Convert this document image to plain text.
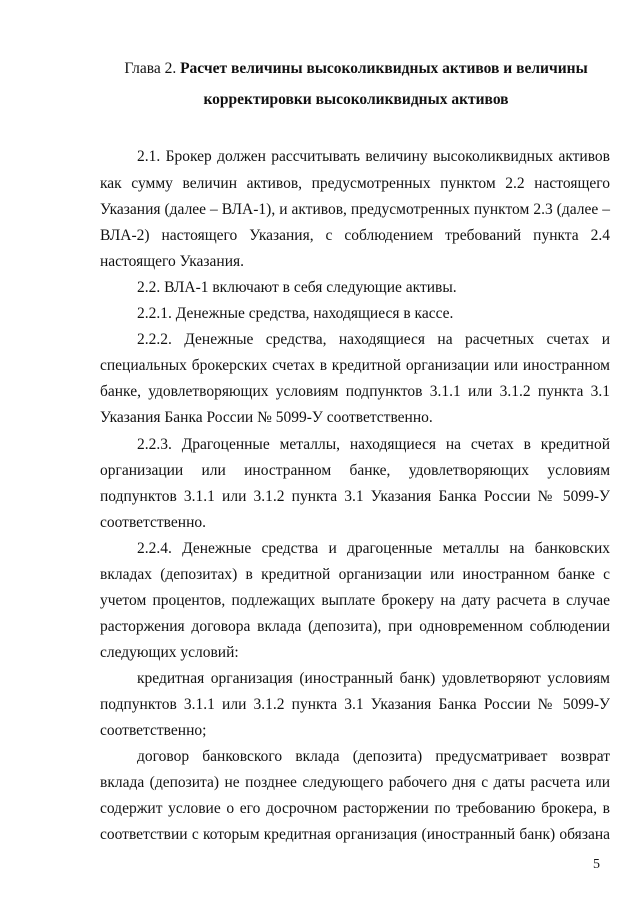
Глава 2. Расчет величины высоколиквидных активов и величины
корректировки высоколиквидных активов
2.1. Брокер должен рассчитывать величину высоколиквидных активов
как сумму величин активов, предусмотренных пунктом 2.2 настоящего
Указания (далее – ВЛА-1), и активов, предусмотренных пунктом 2.3 (далее –
ВЛА-2) настоящего Указания, с соблюдением требований пункта 2.4
настоящего Указания.
2.2. ВЛА-1 включают в себя следующие активы.
2.2.1. Денежные средства, находящиеся в кассе.
2.2.2. Денежные средства, находящиеся на расчетных счетах и
специальных брокерских счетах в кредитной организации или иностранном
банке, удовлетворяющих условиям подпунктов 3.1.1 или 3.1.2 пункта 3.1
Указания Банка России № 5099-У соответственно.
2.2.3. Драгоценные металлы, находящиеся на счетах в кредитной
организации или иностранном банке, удовлетворяющих условиям
подпунктов 3.1.1 или 3.1.2 пункта 3.1 Указания Банка России № 5099-У
соответственно.
2.2.4. Денежные средства и драгоценные металлы на банковских
вкладах (депозитах) в кредитной организации или иностранном банке с
учетом процентов, подлежащих выплате брокеру на дату расчета в случае
расторжения договора вклада (депозита), при одновременном соблюдении
следующих условий:
кредитная организация (иностранный банк) удовлетворяют условиям
подпунктов 3.1.1 или 3.1.2 пункта 3.1 Указания Банка России № 5099-У
соответственно;
договор банковского вклада (депозита) предусматривает возврат
вклада (депозита) не позднее следующего рабочего дня с даты расчета или
содержит условие о его досрочном расторжении по требованию брокера, в
соответствии с которым кредитная организация (иностранный банк) обязана
5
